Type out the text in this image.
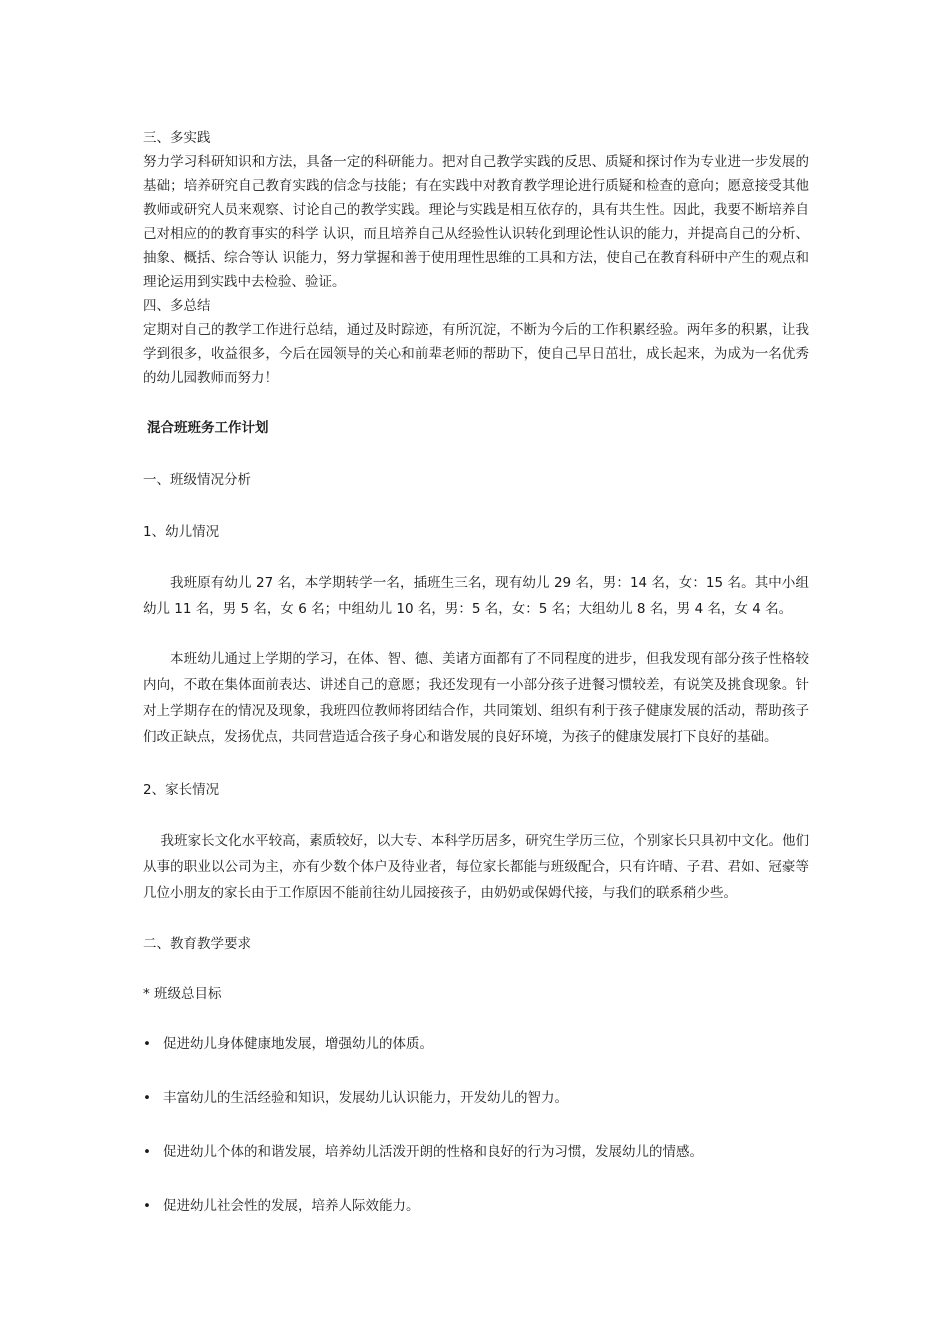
三、多实践
努力学习科研知识和方法，具备一定的科研能力。把对自己教学实践的反思、质疑和探讨作为专业进一步发展的基础；培养研究自己教育实践的信念与技能；有在实践中对教育教学理论进行质疑和检查的意向；愿意接受其他教师或研究人员来观察、讨论自己的教学实践。理论与实践是相互依存的，具有共生性。因此，我要不断培养自己对相应的的教育事实的科学 认识，而且培养自己从经验性认识转化到理论性认识的能力，并提高自己的分析、抽象、概括、综合等认 识能力，努力掌握和善于使用理性思维的工具和方法，使自己在教育科研中产生的观点和理论运用到实践中去检验、验证。
四、多总结
定期对自己的教学工作进行总结，通过及时踪迹，有所沉淀，不断为今后的工作积累经验。两年多的积累，让我学到很多，收益很多，今后在园领导的关心和前辈老师的帮助下，使自己早日茁壮，成长起来，为成为一名优秀的幼儿园教师而努力！
混合班班务工作计划
一、班级情况分析
1、幼儿情况
我班原有幼儿 27 名，本学期转学一名，插班生三名，现有幼儿 29 名，男：14 名，女：15 名。其中小组幼儿 11 名，男 5 名，女 6 名；中组幼儿 10 名，男：5 名，女：5 名；大组幼儿 8 名，男 4 名，女 4 名。
本班幼儿通过上学期的学习，在体、智、德、美诸方面都有了不同程度的进步，但我发现有部分孩子性格较内向，不敢在集体面前表达、讲述自己的意愿；我还发现有一小部分孩子进餐习惯较差，有说笑及挑食现象。针对上学期存在的情况及现象，我班四位教师将团结合作，共同策划、组织有利于孩子健康发展的活动，帮助孩子们改正缺点，发扬优点，共同营造适合孩子身心和谐发展的良好环境，为孩子的健康发展打下良好的基础。
2、家长情况
我班家长文化水平较高，素质较好，以大专、本科学历居多，研究生学历三位，个别家长只具初中文化。他们从事的职业以公司为主，亦有少数个体户及待业者，每位家长都能与班级配合，只有许晴、子君、君如、冠豪等几位小朋友的家长由于工作原因不能前往幼儿园接孩子，由奶奶或保姆代接，与我们的联系稍少些。
二、教育教学要求
* 班级总目标
• 促进幼儿身体健康地发展，增强幼儿的体质。
• 丰富幼儿的生活经验和知识，发展幼儿认识能力，开发幼儿的智力。
• 促进幼儿个体的和谐发展，培养幼儿活泼开朗的性格和良好的行为习惯，发展幼儿的情感。
• 促进幼儿社会性的发展，培养人际效能力。
